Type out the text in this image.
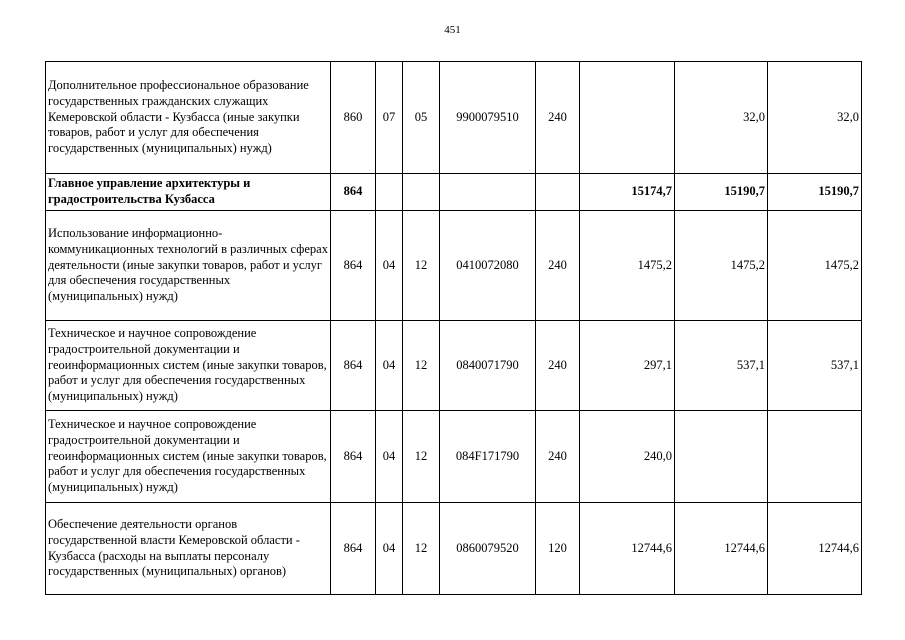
451
Дополнительное профессиональное образование государственных гражданских служащих Кемеровской области - Кузбасса (иные закупки товаров, работ и услуг для обеспечения государственных (муниципальных) нужд)	860	07	05	9900079510	240		32,0	32,0
Главное управление архитектуры и градостроительства Кузбасса	864					15174,7	15190,7	15190,7
Использование информационно-коммуникационных технологий в различных сферах деятельности (иные закупки товаров, работ и услуг для обеспечения государственных (муниципальных) нужд)	864	04	12	0410072080	240	1475,2	1475,2	1475,2
Техническое и научное сопровождение градостроительной документации и геоинформационных систем (иные закупки товаров, работ и услуг для обеспечения государственных (муниципальных) нужд)	864	04	12	0840071790	240	297,1	537,1	537,1
Техническое и научное сопровождение градостроительной документации и геоинформационных систем (иные закупки товаров, работ и услуг для обеспечения государственных (муниципальных) нужд)	864	04	12	084F171790	240	240,0		
Обеспечение деятельности органов государственной власти Кемеровской области - Кузбасса (расходы на выплаты персоналу государственных (муниципальных) органов)	864	04	12	0860079520	120	12744,6	12744,6	12744,6
